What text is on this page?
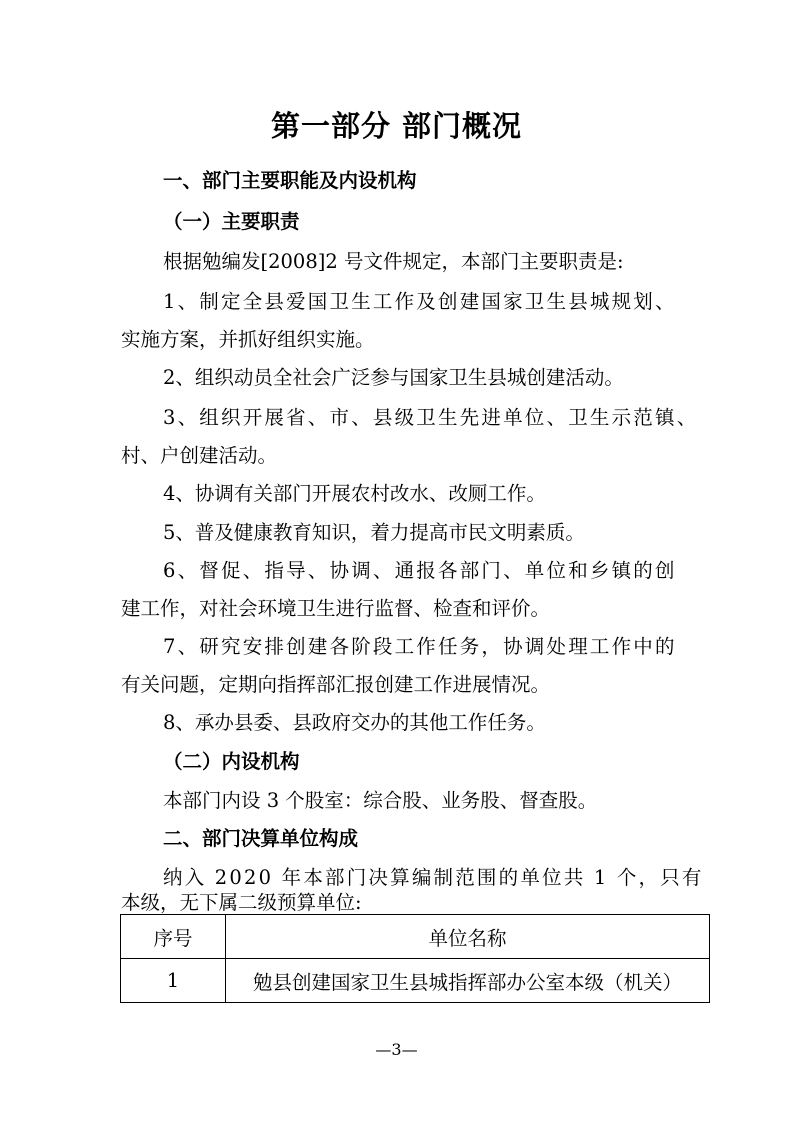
第一部分 部门概况
一、部门主要职能及内设机构
（一）主要职责
根据勉编发[2008]2 号文件规定，本部门主要职责是:
1、制定全县爱国卫生工作及创建国家卫生县城规划、
实施方案，并抓好组织实施。
2、组织动员全社会广泛参与国家卫生县城创建活动。
3、组织开展省、市、县级卫生先进单位、卫生示范镇、
村、户创建活动。
4、协调有关部门开展农村改水、改厕工作。
5、普及健康教育知识，着力提高市民文明素质。
6、督促、指导、协调、通报各部门、单位和乡镇的创
建工作，对社会环境卫生进行监督、检查和评价。
7、研究安排创建各阶段工作任务，协调处理工作中的
有关问题，定期向指挥部汇报创建工作进展情况。
8、承办县委、县政府交办的其他工作任务。
（二）内设机构
本部门内设 3 个股室：综合股、业务股、督查股。
二、部门决算单位构成
纳入 2020 年本部门决算编制范围的单位共 1 个，只有
本级，无下属二级预算单位:
序号	单位名称
1	勉县创建国家卫生县城指挥部办公室本级（机关）
—3—
